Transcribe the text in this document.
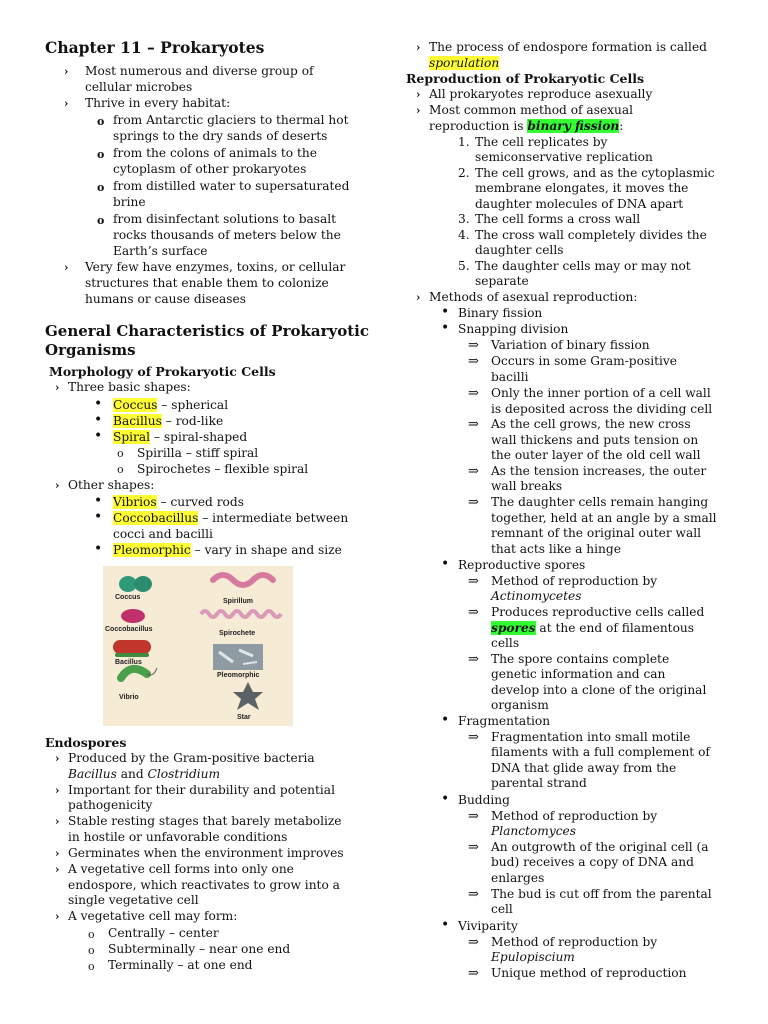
Chapter 11 – Prokaryotes
› Most numerous and diverse group of
cellular microbes
› Thrive in every habitat:
o from Antarctic glaciers to thermal hot
springs to the dry sands of deserts
o from the colons of animals to the
cytoplasm of other prokaryotes
o from distilled water to supersaturated
brine
o from disinfectant solutions to basalt
rocks thousands of meters below the
Earth’s surface
› Very few have enzymes, toxins, or cellular
structures that enable them to colonize
humans or cause diseases
General Characteristics of Prokaryotic
Organisms
Morphology of Prokaryotic Cells
› Three basic shapes:
• Coccus – spherical
• Bacillus – rod-like
• Spiral – spiral-shaped
o Spirilla – stiff spiral
o Spirochetes – flexible spiral
› Other shapes:
• Vibrios – curved rods
• Coccobacillus – intermediate between
cocci and bacilli
• Pleomorphic – vary in shape and size
Coccus
Coccobacillus
Bacillus
Vibrio
Spirillum
Spirochete
Pleomorphic
Star
Endospores
› Produced by the Gram-positive bacteria
Bacillus and Clostridium
› Important for their durability and potential
pathogenicity
› Stable resting stages that barely metabolize
in hostile or unfavorable conditions
› Germinates when the environment improves
› A vegetative cell forms into only one
endospore, which reactivates to grow into a
single vegetative cell
› A vegetative cell may form:
o Centrally – center
o Subterminally – near one end
o Terminally – at one end
› The process of endospore formation is called
sporulation
Reproduction of Prokaryotic Cells
› All prokaryotes reproduce asexually
› Most common method of asexual
reproduction is binary fission:
1. The cell replicates by
semiconservative replication
2. The cell grows, and as the cytoplasmic
membrane elongates, it moves the
daughter molecules of DNA apart
3. The cell forms a cross wall
4. The cross wall completely divides the
daughter cells
5. The daughter cells may or may not
separate
› Methods of asexual reproduction:
• Binary fission
• Snapping division
⇒ Variation of binary fission
⇒ Occurs in some Gram-positive
bacilli
⇒ Only the inner portion of a cell wall
is deposited across the dividing cell
⇒ As the cell grows, the new cross
wall thickens and puts tension on
the outer layer of the old cell wall
⇒ As the tension increases, the outer
wall breaks
⇒ The daughter cells remain hanging
together, held at an angle by a small
remnant of the original outer wall
that acts like a hinge
• Reproductive spores
⇒ Method of reproduction by
Actinomycetes
⇒ Produces reproductive cells called
spores at the end of filamentous
cells
⇒ The spore contains complete
genetic information and can
develop into a clone of the original
organism
• Fragmentation
⇒ Fragmentation into small motile
filaments with a full complement of
DNA that glide away from the
parental strand
• Budding
⇒ Method of reproduction by
Planctomyces
⇒ An outgrowth of the original cell (a
bud) receives a copy of DNA and
enlarges
⇒ The bud is cut off from the parental
cell
• Viviparity
⇒ Method of reproduction by
Epulopiscium
⇒ Unique method of reproduction
